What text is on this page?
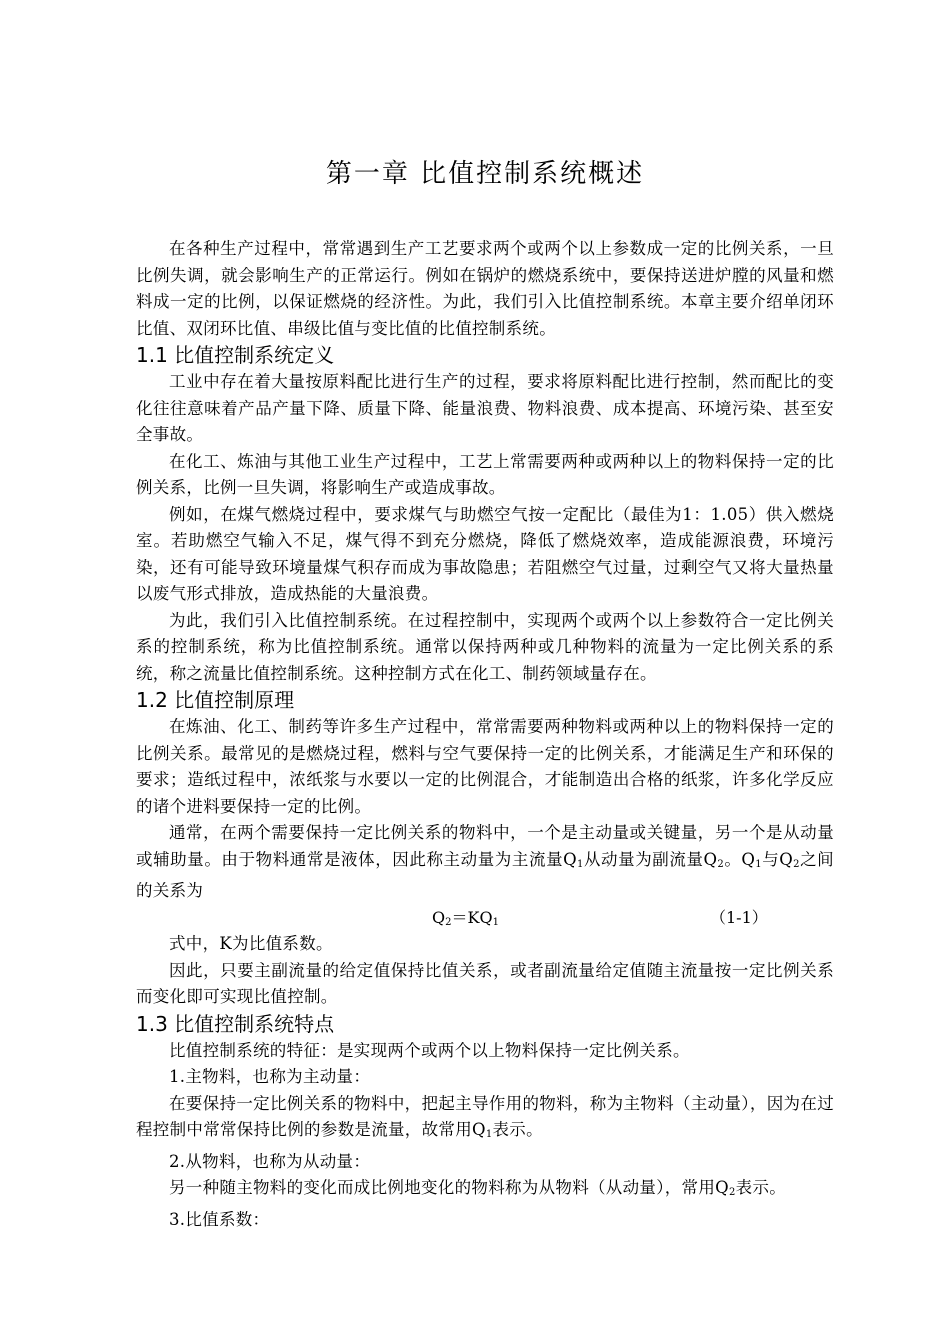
第一章 比值控制系统概述

在各种生产过程中，常常遇到生产工艺要求两个或两个以上参数成一定的比例关系，一旦比例失调，就会影响生产的正常运行。例如在锅炉的燃烧系统中，要保持送进炉膛的风量和燃料成一定的比例，以保证燃烧的经济性。为此，我们引入比值控制系统。本章主要介绍单闭环比值、双闭环比值、串级比值与变比值的比值控制系统。

1.1 比值控制系统定义

工业中存在着大量按原料配比进行生产的过程，要求将原料配比进行控制，然而配比的变化往往意味着产品产量下降、质量下降、能量浪费、物料浪费、成本提高、环境污染、甚至安全事故。

在化工、炼油与其他工业生产过程中，工艺上常需要两种或两种以上的物料保持一定的比例关系，比例一旦失调，将影响生产或造成事故。

例如，在煤气燃烧过程中，要求煤气与助燃空气按一定配比（最佳为1：1.05）供入燃烧室。若助燃空气输入不足，煤气得不到充分燃烧，降低了燃烧效率，造成能源浪费，环境污染，还有可能导致环境量煤气积存而成为事故隐患；若阻燃空气过量，过剩空气又将大量热量以废气形式排放，造成热能的大量浪费。

为此，我们引入比值控制系统。在过程控制中，实现两个或两个以上参数符合一定比例关系的控制系统，称为比值控制系统。通常以保持两种或几种物料的流量为一定比例关系的系统，称之流量比值控制系统。这种控制方式在化工、制药领域量存在。

1.2 比值控制原理

在炼油、化工、制药等许多生产过程中，常常需要两种物料或两种以上的物料保持一定的比例关系。最常见的是燃烧过程，燃料与空气要保持一定的比例关系，才能满足生产和环保的要求；造纸过程中，浓纸浆与水要以一定的比例混合，才能制造出合格的纸浆，许多化学反应的诸个进料要保持一定的比例。

通常，在两个需要保持一定比例关系的物料中，一个是主动量或关键量，另一个是从动量或辅助量。由于物料通常是液体，因此称主动量为主流量$Q_1$从动量为副流量$Q_2$。$Q_1$与$Q_2$之间的关系为

$Q_2=KQ_1$	（1-1）

式中，K为比值系数。

因此，只要主副流量的给定值保持比值关系，或者副流量给定值随主流量按一定比例关系而变化即可实现比值控制。

1.3 比值控制系统特点

比值控制系统的特征：是实现两个或两个以上物料保持一定比例关系。

1.主物料，也称为主动量：

在要保持一定比例关系的物料中，把起主导作用的物料，称为主物料（主动量），因为在过程控制中常常保持比例的参数是流量，故常用$Q_1$表示。

2.从物料，也称为从动量：

另一种随主物料的变化而成比例地变化的物料称为从物料（从动量），常用$Q_2$表示。

3.比值系数：
